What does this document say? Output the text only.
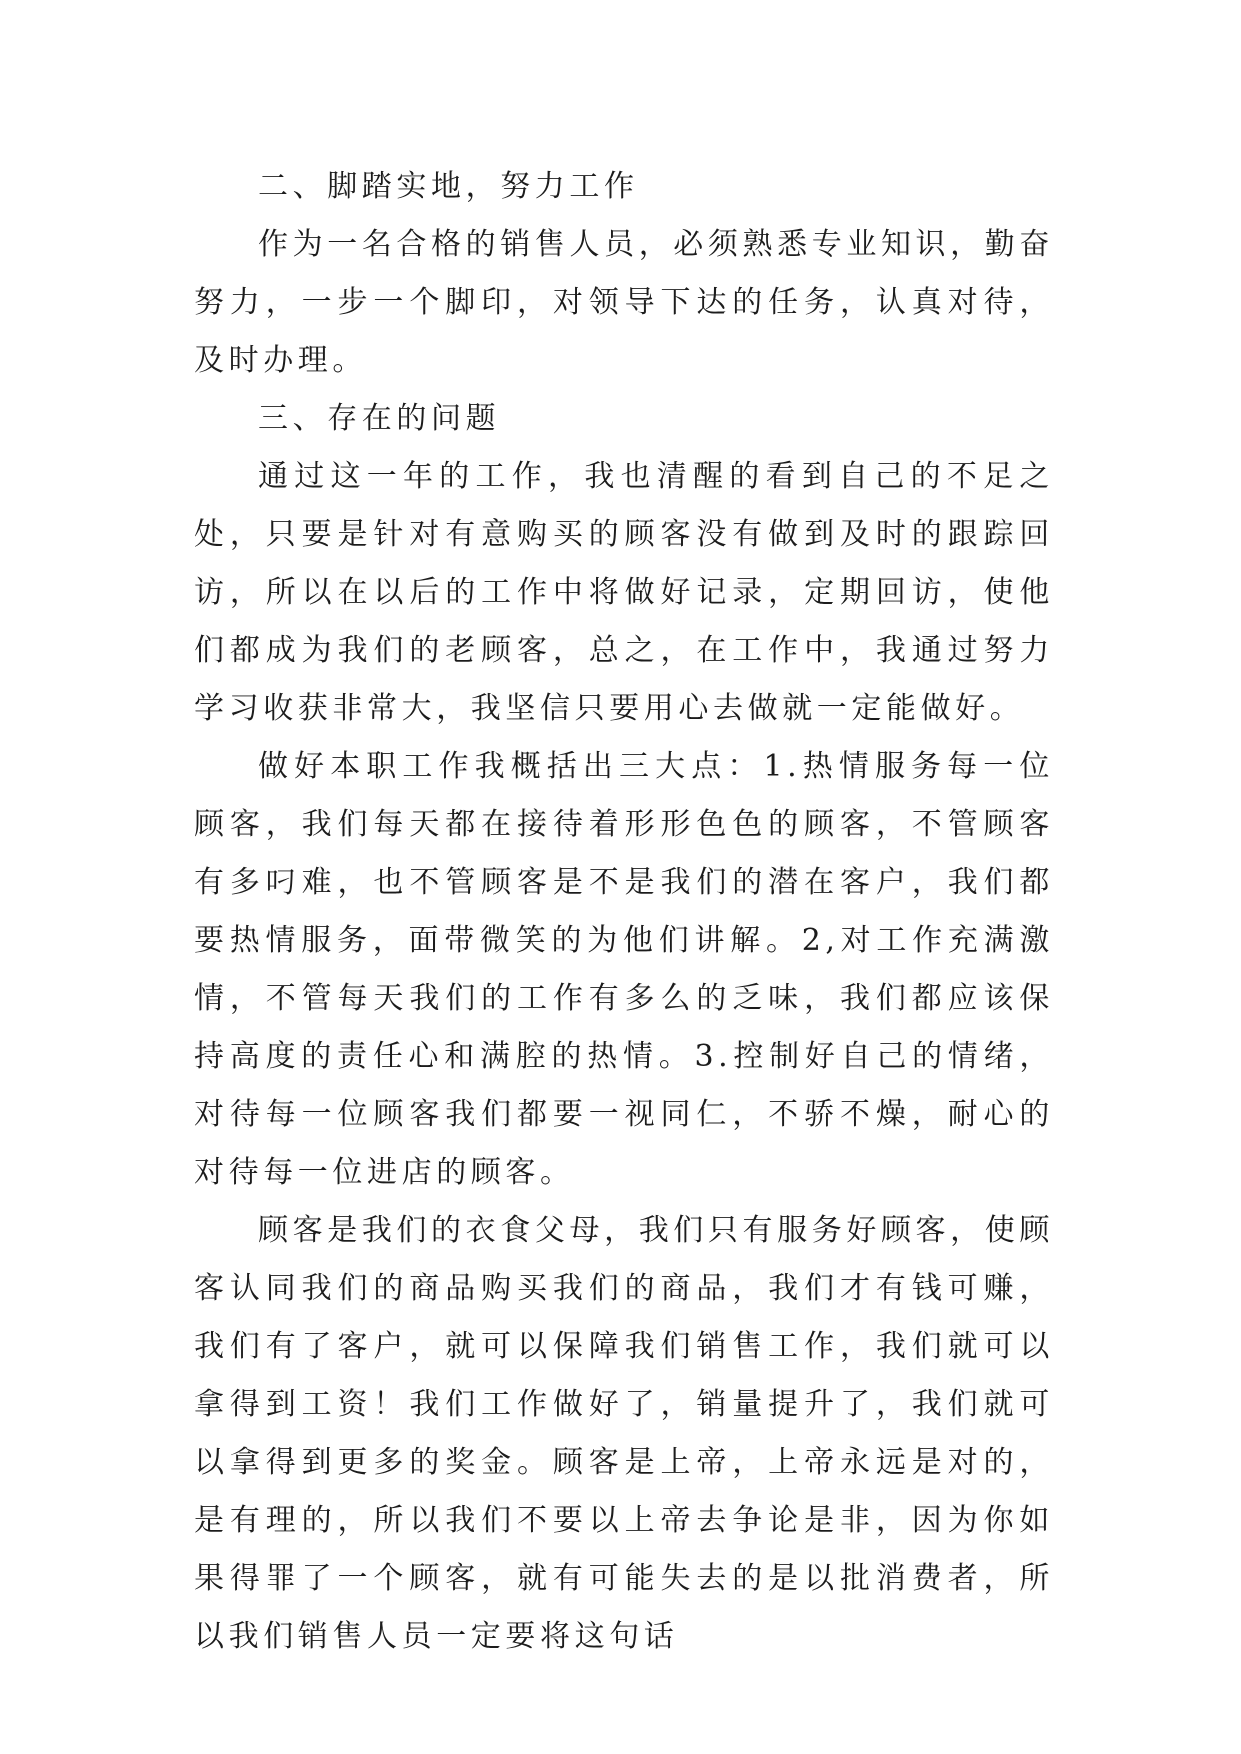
二、脚踏实地，努力工作

作为一名合格的销售人员，必须熟悉专业知识，勤奋努力，一步一个脚印，对领导下达的任务，认真对待，及时办理。

三、存在的问题

通过这一年的工作，我也清醒的看到自己的不足之处，只要是针对有意购买的顾客没有做到及时的跟踪回访，所以在以后的工作中将做好记录，定期回访，使他们都成为我们的老顾客，总之，在工作中，我通过努力学习收获非常大，我坚信只要用心去做就一定能做好。

做好本职工作我概括出三大点：1.热情服务每一位顾客，我们每天都在接待着形形色色的顾客，不管顾客有多叼难，也不管顾客是不是我们的潜在客户，我们都要热情服务，面带微笑的为他们讲解。2,对工作充满激情，不管每天我们的工作有多么的乏味，我们都应该保持高度的责任心和满腔的热情。3.控制好自己的情绪，对待每一位顾客我们都要一视同仁，不骄不燥，耐心的对待每一位进店的顾客。

顾客是我们的衣食父母，我们只有服务好顾客，使顾客认同我们的商品购买我们的商品，我们才有钱可赚，我们有了客户，就可以保障我们销售工作，我们就可以拿得到工资！我们工作做好了，销量提升了，我们就可以拿得到更多的奖金。顾客是上帝，上帝永远是对的，是有理的，所以我们不要以上帝去争论是非，因为你如果得罪了一个顾客，就有可能失去的是以批消费者，所以我们销售人员一定要将这句话
